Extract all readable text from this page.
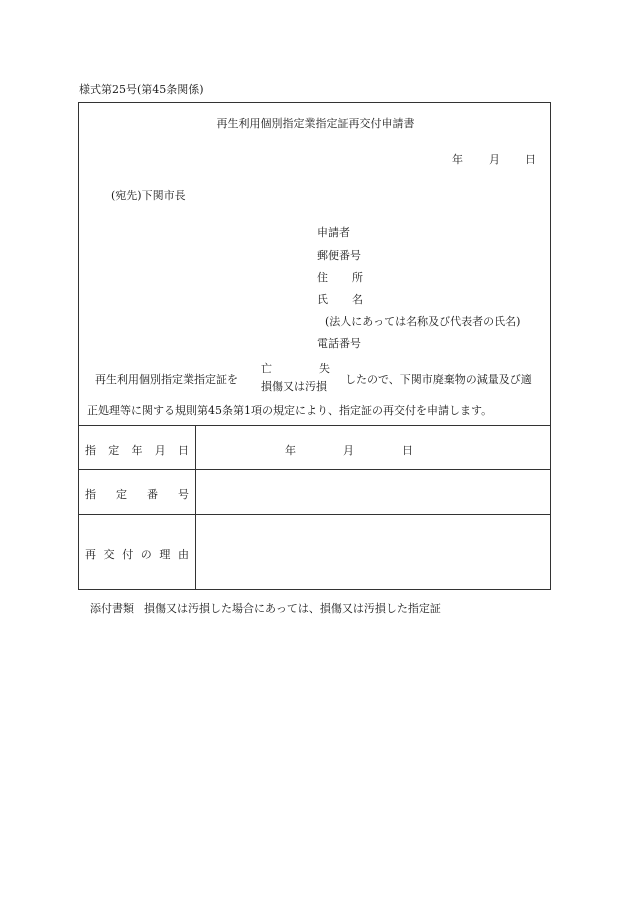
様式第25号(第45条関係)
再生利用個別指定業指定証再交付申請書
年 月 日
(宛先)下関市長
申請者
郵便番号
住 所
氏 名
(法人にあっては名称及び代表者の氏名)
電話番号
再生利用個別指定業指定証を
亡	失
損傷又は汚損
したので、下関市廃棄物の減量及び適
正処理等に関する規則第45条第1項の規定により、指定証の再交付を申請します。
指 定 年 月 日	年	月	日
指 定 番 号
再 交 付 の 理 由
添付書類 損傷又は汚損した場合にあっては、損傷又は汚損した指定証
